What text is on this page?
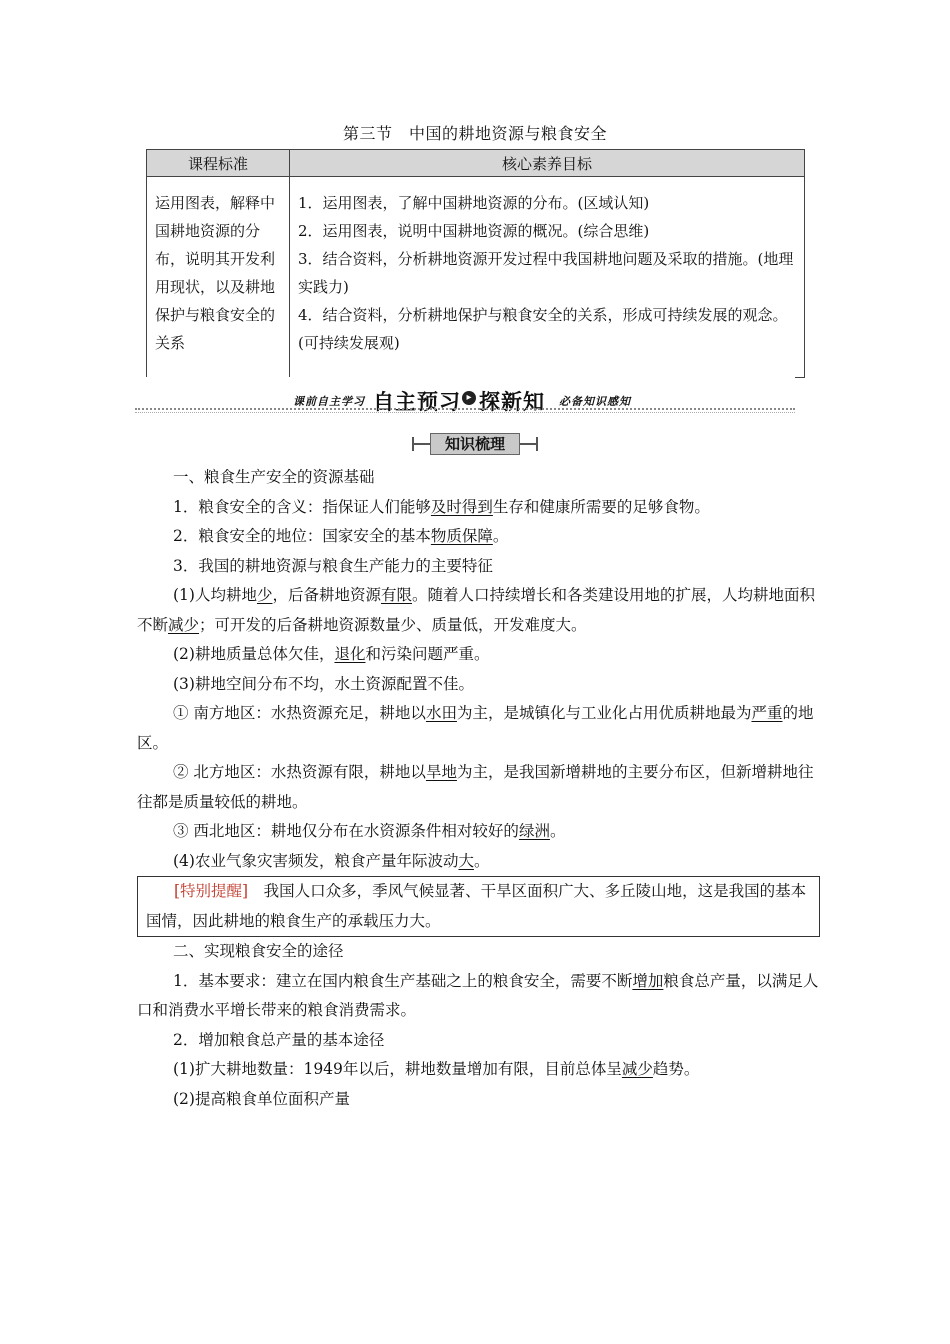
第三节　中国的耕地资源与粮食安全
课程标准	核心素养目标
运用图表，解释中国耕地资源的分布，说明其开发利用现状，以及耕地保护与粮食安全的关系	1．运用图表，了解中国耕地资源的分布。(区域认知)
2．运用图表，说明中国耕地资源的概况。(综合思维)
3．结合资料，分析耕地资源开发过程中我国耕地问题及采取的措施。(地理实践力)
4．结合资料，分析耕地保护与粮食安全的关系，形成可持续发展的观念。(可持续发展观)
课前自主学习 自主预习 ▸ 探新知 必备知识感知
知识梳理

一、粮食生产安全的资源基础

1．粮食安全的含义：指保证人们能够及时得到生存和健康所需要的足够食物。

2．粮食安全的地位：国家安全的基本物质保障。

3．我国的耕地资源与粮食生产能力的主要特征

(1)人均耕地少，后备耕地资源有限。随着人口持续增长和各类建设用地的扩展，人均耕地面积不断减少；可开发的后备耕地资源数量少、质量低，开发难度大。

(2)耕地质量总体欠佳，退化和污染问题严重。

(3)耕地空间分布不均，水土资源配置不佳。

① 南方地区：水热资源充足，耕地以水田为主，是城镇化与工业化占用优质耕地最为严重的地区。

② 北方地区：水热资源有限，耕地以旱地为主，是我国新增耕地的主要分布区，但新增耕地往往都是质量较低的耕地。

③ 西北地区：耕地仅分布在水资源条件相对较好的绿洲。

(4)农业气象灾害频发，粮食产量年际波动大。

[特别提醒]　我国人口众多，季风气候显著、干旱区面积广大、多丘陵山地，这是我国的基本国情，因此耕地的粮食生产的承载压力大。

二、实现粮食安全的途径

1．基本要求：建立在国内粮食生产基础之上的粮食安全，需要不断增加粮食总产量，以满足人口和消费水平增长带来的粮食消费需求。

2．增加粮食总产量的基本途径

(1)扩大耕地数量：1949年以后，耕地数量增加有限，目前总体呈减少趋势。

(2)提高粮食单位面积产量
